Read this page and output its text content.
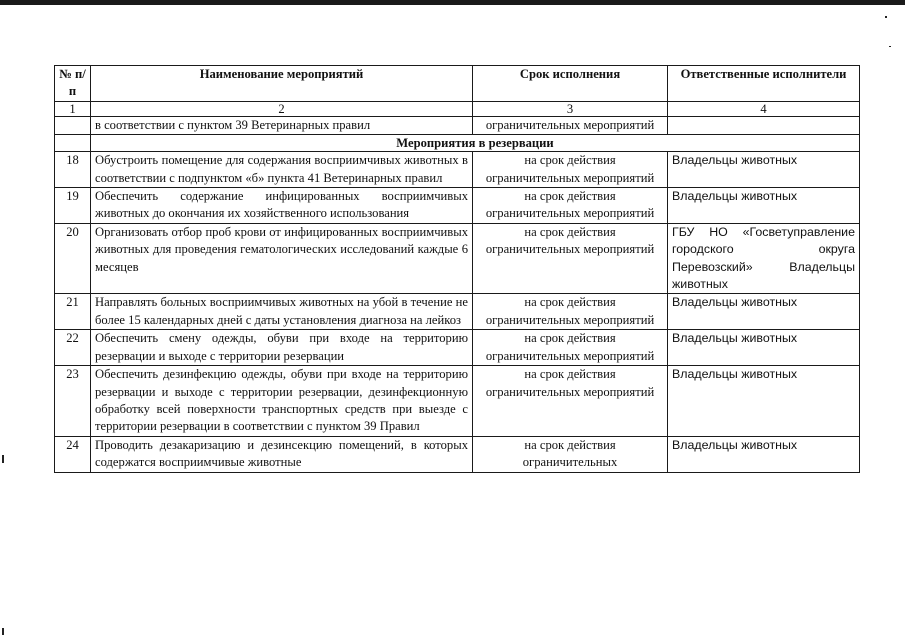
№ п/п	Наименование мероприятий	Срок исполнения	Ответственные исполнители
1	2	3	4
	в соответствии с пунктом 39 Ветеринарных правил	ограничительных мероприятий	
	Мероприятия в резервации		
18	Обустроить помещение для содержания восприимчивых животных в соответствии с подпунктом «б» пункта 41 Ветеринарных правил	на срок действия ограничительных мероприятий	Владельцы животных
19	Обеспечить содержание инфицированных восприимчивых животных до окончания их хозяйственного использования	на срок действия ограничительных мероприятий	Владельцы животных
20	Организовать отбор проб крови от инфицированных восприимчивых животных для проведения гематологических исследований каждые 6 месяцев	на срок действия ограничительных мероприятий	ГБУ НО «Госветуправление городского округа Перевозский» Владельцы животных
21	Направлять больных восприимчивых животных на убой в течение не более 15 календарных дней с даты установления диагноза на лейкоз	на срок действия ограничительных мероприятий	Владельцы животных
22	Обеспечить смену одежды, обуви при входе на территорию резервации и выходе с территории резервации	на срок действия ограничительных мероприятий	Владельцы животных
23	Обеспечить дезинфекцию одежды, обуви при входе на территорию резервации и выходе с территории резервации, дезинфекционную обработку всей поверхности транспортных средств при выезде с территории резервации в соответствии с пунктом 39 Правил	на срок действия ограничительных мероприятий	Владельцы животных
24	Проводить дезакаризацию и дезинсекцию помещений, в которых содержатся восприимчивые животные	на срок действия ограничительных	Владельцы животных
